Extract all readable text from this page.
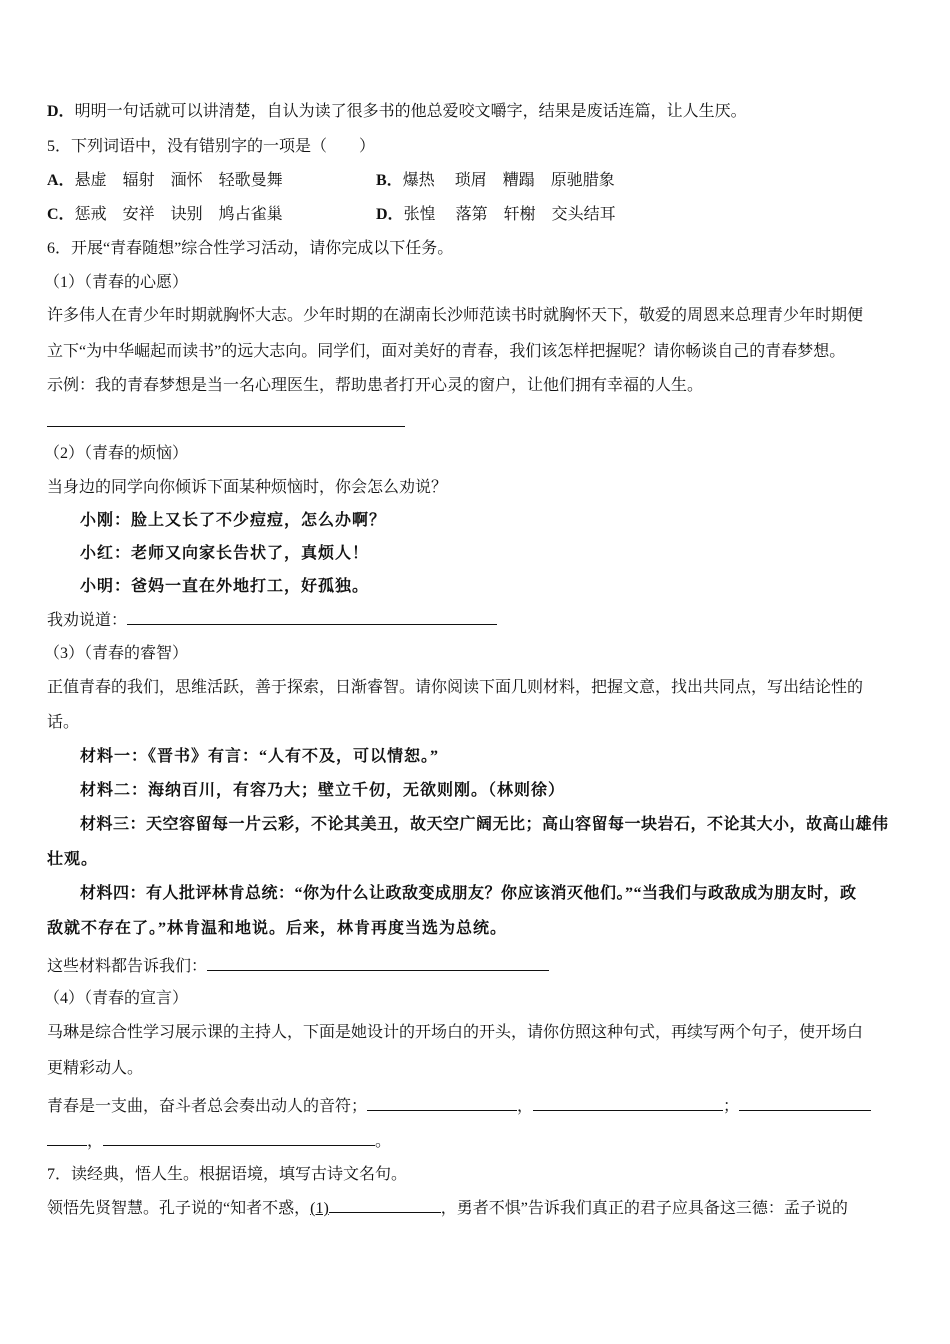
D．明明一句话就可以讲清楚，自认为读了很多书的他总爱咬文嚼字，结果是废话连篇，让人生厌。
5．下列词语中，没有错别字的一项是（　　）
A．悬虚　辐射　湎怀　轻歌曼舞	B．爆热　 琐屑　糟蹋　原驰腊象
C．惩戒　安祥　诀别　鸠占雀巢	D．张惶　 落第　轩榭　交头结耳
6．开展“青春随想”综合性学习活动，请你完成以下任务。
（1）（青春的心愿）
许多伟人在青少年时期就胸怀大志。少年时期的在湖南长沙师范读书时就胸怀天下，敬爱的周恩来总理青少年时期便
立下“为中华崛起而读书”的远大志向。同学们，面对美好的青春，我们该怎样把握呢？请你畅谈自己的青春梦想。
示例：我的青春梦想是当一名心理医生，帮助患者打开心灵的窗户，让他们拥有幸福的人生。
（2）（青春的烦恼）
当身边的同学向你倾诉下面某种烦恼时，你会怎么劝说？
小刚：脸上又长了不少痘痘，怎么办啊？
小红：老师又向家长告状了，真烦人！
小明：爸妈一直在外地打工，好孤独。
我劝说道：
（3）（青春的睿智）
正值青春的我们，思维活跃，善于探索，日渐睿智。请你阅读下面几则材料，把握文意，找出共同点，写出结论性的
话。
材料一：《晋书》有言：“人有不及，可以情恕。”
材料二：海纳百川，有容乃大；壁立千仞，无欲则刚。（林则徐）
材料三：天空容留每一片云彩，不论其美丑，故天空广阔无比；高山容留每一块岩石，不论其大小，故高山雄伟
壮观。
材料四：有人批评林肯总统：“你为什么让政敌变成朋友？你应该消灭他们。”“当我们与政敌成为朋友时，政
敌就不存在了。”林肯温和地说。后来，林肯再度当选为总统。
这些材料都告诉我们：
（4）（青春的宣言）
马琳是综合性学习展示课的主持人，下面是她设计的开场白的开头，请你仿照这种句式，再续写两个句子，使开场白
更精彩动人。
青春是一支曲，奋斗者总会奏出动人的音符；	，	；
，	。
7．读经典，悟人生。根据语境，填写古诗文名句。
领悟先贤智慧。孔子说的“知者不惑，(1)	，勇者不惧”告诉我们真正的君子应具备这三德：孟子说的
